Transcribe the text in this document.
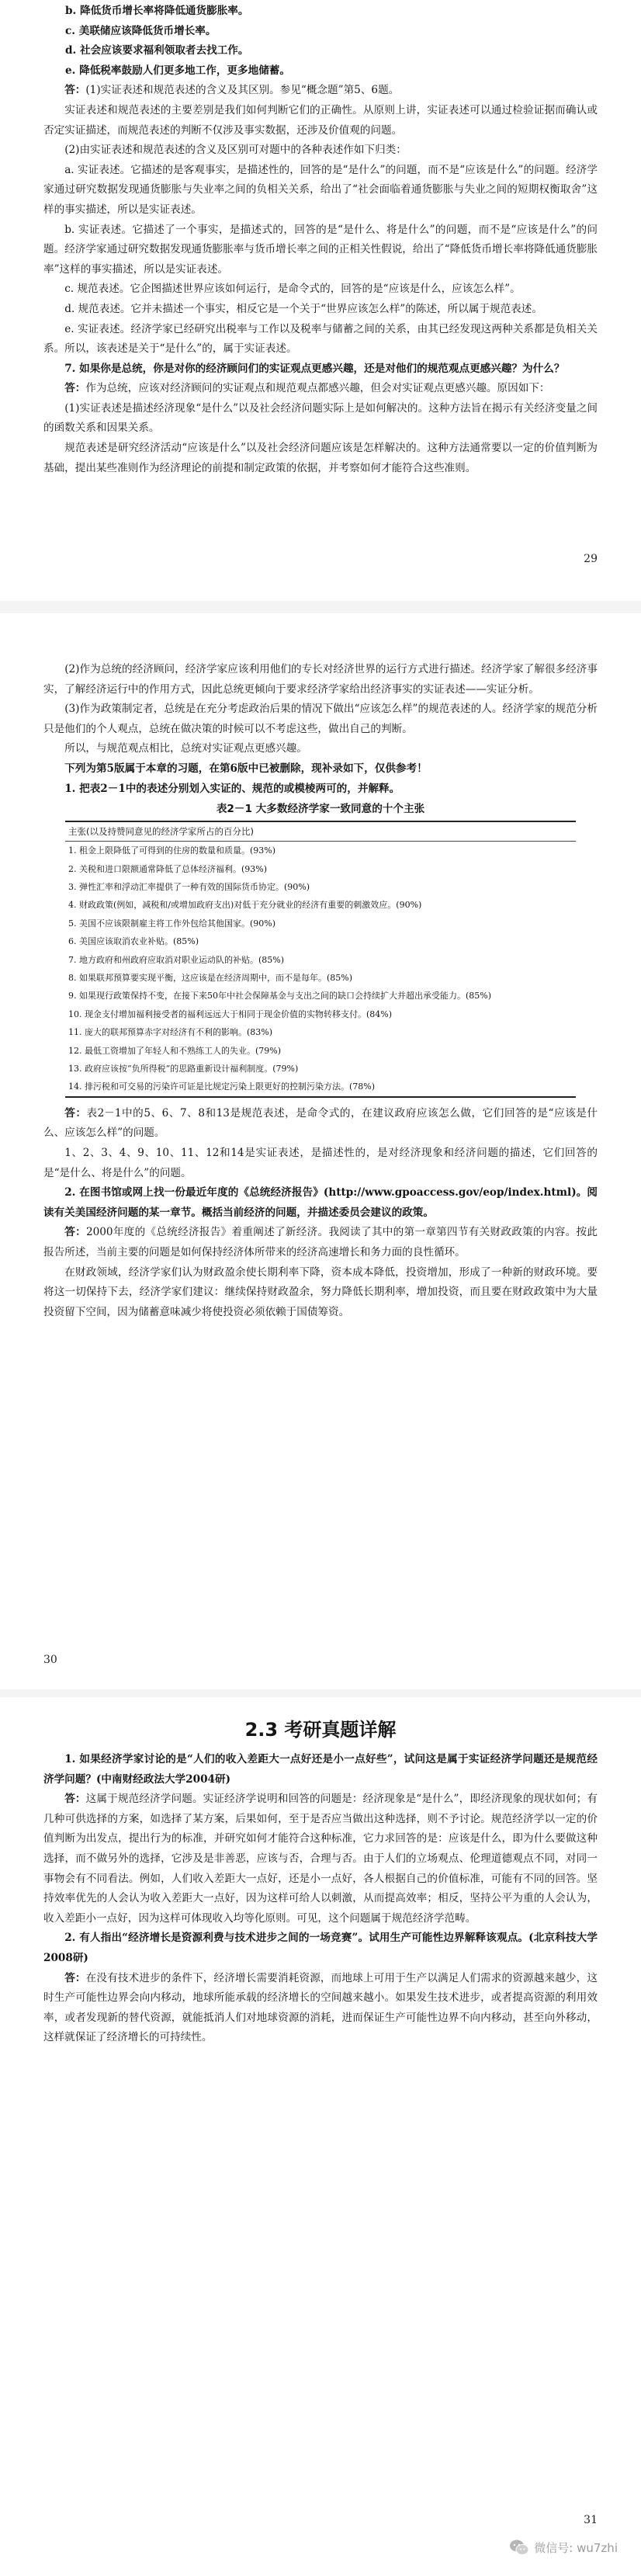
b. 降低货币增长率将降低通货膨胀率。

c. 美联储应该降低货币增长率。

d. 社会应该要求福利领取者去找工作。

e. 降低税率鼓励人们更多地工作，更多地储蓄。

答：(1)实证表述和规范表述的含义及其区别。参见“概念题”第5、6题。

实证表述和规范表述的主要差别是我们如何判断它们的正确性。从原则上讲，实证表述可以通过检验证据而确认或否定实证描述，而规范表述的判断不仅涉及事实数据，还涉及价值观的问题。

(2)由实证表述和规范表述的含义及区别可对题中的各种表述作如下归类：

a. 实证表述。它描述的是客观事实，是描述性的，回答的是“是什么”的问题，而不是“应该是什么”的问题。经济学家通过研究数据发现通货膨胀与失业率之间的负相关关系，给出了“社会面临着通货膨胀与失业之间的短期权衡取舍”这样的事实描述，所以是实证表述。

b. 实证表述。它描述了一个事实，是描述式的，回答的是“是什么、将是什么”的问题，而不是“应该是什么”的问题。经济学家通过研究数据发现通货膨胀率与货币增长率之间的正相关性假说，给出了“降低货币增长率将降低通货膨胀率”这样的事实描述，所以是实证表述。

c. 规范表述。它企图描述世界应该如何运行，是命令式的，回答的是“应该是什么，应该怎么样”。

d. 规范表述。它并未描述一个事实，相反它是一个关于“世界应该怎么样”的陈述，所以属于规范表述。

e. 实证表述。经济学家已经研究出税率与工作以及税率与储蓄之间的关系，由其已经发现这两种关系都是负相关关系。所以，该表述是关于“是什么”的，属于实证表述。

7. 如果你是总统，你是对你的经济顾问们的实证观点更感兴趣，还是对他们的规范观点更感兴趣？为什么？

答：作为总统，应该对经济顾问的实证观点和规范观点都感兴趣，但会对实证观点更感兴趣。原因如下：

(1)实证表述是描述经济现象“是什么”以及社会经济问题实际上是如何解决的。这种方法旨在揭示有关经济变量之间的函数关系和因果关系。

规范表述是研究经济活动“应该是什么”以及社会经济问题应该是怎样解决的。这种方法通常要以一定的价值判断为基础，提出某些准则作为经济理论的前提和制定政策的依据，并考察如何才能符合这些准则。

29

(2)作为总统的经济顾问，经济学家应该利用他们的专长对经济世界的运行方式进行描述。经济学家了解很多经济事实，了解经济运行中的作用方式，因此总统更倾向于要求经济学家给出经济事实的实证表述——实证分析。

(3)作为政策制定者，总统是在充分考虑政治后果的情况下做出“应该怎么样”的规范表述的人。经济学家的规范分析只是他们的个人观点，总统在做决策的时候可以不考虑这些，做出自己的判断。

所以，与规范观点相比，总统对实证观点更感兴趣。

下列为第5版属于本章的习题，在第6版中已被删除，现补录如下，仅供参考！

1. 把表2－1中的表述分别划入实证的、规范的或模棱两可的，并解释。

表2－1 大多数经济学家一致同意的十个主张
主张(以及持赞同意见的经济学家所占的百分比)
1. 租金上限降低了可得到的住房的数量和质量。(93%)
2. 关税和进口限额通常降低了总体经济福利。(93%)
3. 弹性汇率和浮动汇率提供了一种有效的国际货币协定。(90%)
4. 财政政策(例如，减税和/或增加政府支出)对低于充分就业的经济有重要的刺激效应。(90%)
5. 美国不应该限制雇主将工作外包给其他国家。(90%)
6. 美国应该取消农业补贴。(85%)
7. 地方政府和州政府应取消对职业运动队的补贴。(85%)
8. 如果联邦预算要实现平衡，这应该是在经济周期中，而不是每年。(85%)
9. 如果现行政策保持不变，在接下来50年中社会保障基金与支出之间的缺口会持续扩大并超出承受能力。(85%)
10. 现金支付增加福利接受者的福利远远大于相同于现金价值的实物转移支付。(84%)
11. 庞大的联邦预算赤字对经济有不利的影响。(83%)
12. 最低工资增加了年轻人和不熟练工人的失业。(79%)
13. 政府应该按“负所得税”的思路重新设计福利制度。(79%)
14. 排污税和可交易的污染许可证是比规定污染上限更好的控制污染方法。(78%)

答：表2－1中的5、6、7、8和13是规范表述，是命令式的，在建议政府应该怎么做，它们回答的是“应该是什么、应该怎么样”的问题。

1、2、3、4、9、10、11、12和14是实证表述，是描述性的，是对经济现象和经济问题的描述，它们回答的是“是什么、将是什么”的问题。

2. 在图书馆或网上找一份最近年度的《总统经济报告》(http://www.gpoaccess.gov/eop/index.html)。阅读有关美国经济问题的某一章节。概括当前经济的问题，并描述委员会建议的政策。

答：2000年度的《总统经济报告》着重阐述了新经济。我阅读了其中的第一章第四节有关财政政策的内容。按此报告所述，当前主要的问题是如何保持经济体所带来的经济高速增长和务力面的良性循环。

在财政领域，经济学家们认为财政盈余使长期利率下降，资本成本降低，投资增加，形成了一种新的财政环境。要将这一切保持下去，经济学家们建议：继续保持财政盈余，努力降低长期利率，增加投资，而且要在财政政策中为大量投资留下空间，因为储蓄意味减少将使投资必须依赖于国债筹资。

30
2.3 考研真题详解

1. 如果经济学家讨论的是“人们的收入差距大一点好还是小一点好些”，试问这是属于实证经济学问题还是规范经济学问题？(中南财经政法大学2004研)

答：这属于规范经济学问题。实证经济学说明和回答的问题是：经济现象是“是什么”，即经济现象的现状如何；有几种可供选择的方案，如选择了某方案，后果如何，至于是否应当做出这种选择，则不予讨论。规范经济学以一定的价值判断为出发点，提出行为的标准，并研究如何才能符合这种标准，它力求回答的是：应该是什么，即为什么要做这种选择，而不做另外的选择，它涉及是非善恶，应该与否，合理与否。由于人们的立场观点、伦理道德观点不同，对同一事物会有不同看法。例如，人们收入差距大一点好，还是小一点好，各人根据自己的价值标准，可能有不同的回答。坚持效率优先的人会认为收入差距大一点好，因为这样可给人以刺激，从而提高效率；相反，坚持公平为重的人会认为，收入差距小一点好，因为这样可体现收入均等化原则。可见，这个问题属于规范经济学范畴。

2. 有人指出“经济增长是资源利费与技术进步之间的一场竞赛”。试用生产可能性边界解释该观点。(北京科技大学2008研)

答：在没有技术进步的条件下，经济增长需要消耗资源，而地球上可用于生产以满足人们需求的资源越来越少，这时生产可能性边界会向内移动，地球所能承载的经济增长的空间越来越小。如果发生技术进步，或者提高资源的利用效率，或者发现新的替代资源，就能抵消人们对地球资源的消耗，进而保证生产可能性边界不向内移动，甚至向外移动，这样就保证了经济增长的可持续性。

31
微信号: wu7zhi
